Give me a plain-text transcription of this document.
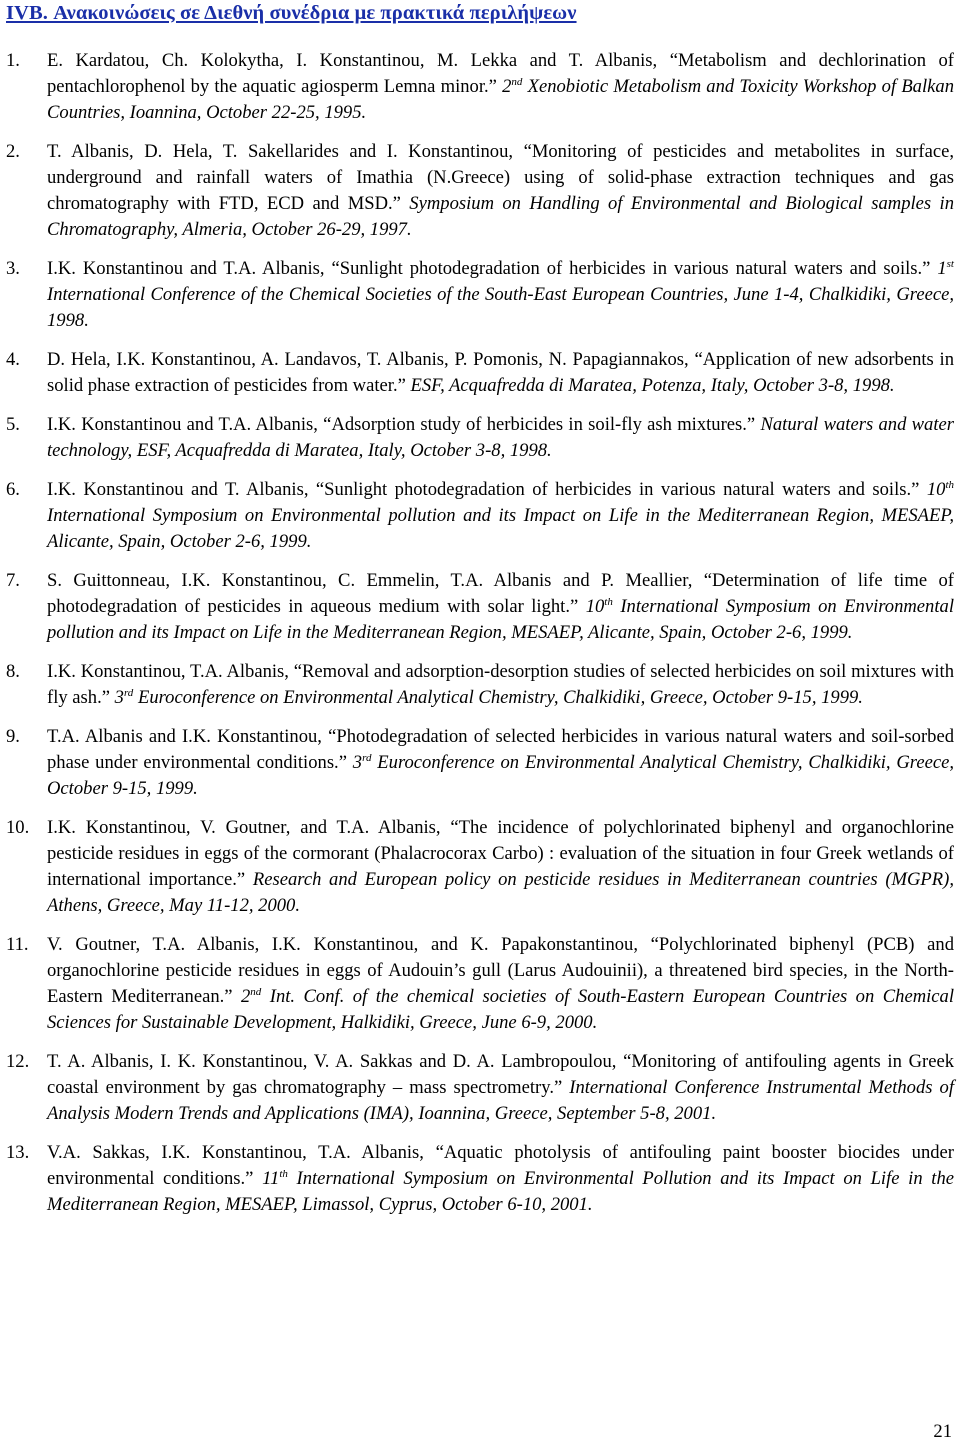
IVB. Ανακοινώσεις σε Διεθνή συνέδρια με πρακτικά περιλήψεων
1. E. Kardatou, Ch. Kolokytha, I. Konstantinou, M. Lekka and T. Albanis, “Metabolism and dechlorination of pentachlorophenol by the aquatic agiosperm Lemna minor.” 2nd Xenobiotic Metabolism and Toxicity Workshop of Balkan Countries, Ioannina, October 22-25, 1995.
2. T. Albanis, D. Hela, T. Sakellarides and I. Konstantinou, “Monitoring of pesticides and metabolites in surface, underground and rainfall waters of Imathia (N.Greece) using of solid-phase extraction techniques and gas chromatography with FTD, ECD and MSD.” Symposium on Handling of Environmental and Biological samples in Chromatography, Almeria, October 26-29, 1997.
3. I.K. Konstantinou and T.A. Albanis, “Sunlight photodegradation of herbicides in various natural waters and soils.” 1st International Conference of the Chemical Societies of the South-East European Countries, June 1-4, Chalkidiki, Greece, 1998.
4. D. Hela, I.K. Konstantinou, A. Landavos, T. Albanis, P. Pomonis, N. Papagiannakos, “Application of new adsorbents in solid phase extraction of pesticides from water.” ESF, Acquafredda di Maratea, Potenza, Italy, October 3-8, 1998.
5. I.K. Konstantinou and T.A. Albanis, “Adsorption study of herbicides in soil-fly ash mixtures.” Natural waters and water technology, ESF, Acquafredda di Maratea, Italy, October 3-8, 1998.
6. I.K. Konstantinou and T. Albanis, “Sunlight photodegradation of herbicides in various natural waters and soils.” 10th International Symposium on Environmental pollution and its Impact on Life in the Mediterranean Region, MESAEP, Alicante, Spain, October 2-6, 1999.
7. S. Guittonneau, I.K. Konstantinou, C. Emmelin, T.A. Albanis and P. Meallier, “Determination of life time of photodegradation of pesticides in aqueous medium with solar light.” 10th International Symposium on Environmental pollution and its Impact on Life in the Mediterranean Region, MESAEP, Alicante, Spain, October 2-6, 1999.
8. I.K. Konstantinou, T.A. Albanis, “Removal and adsorption-desorption studies of selected herbicides on soil mixtures with fly ash.” 3rd Euroconference on Environmental Analytical Chemistry, Chalkidiki, Greece, October 9-15, 1999.
9. T.A. Albanis and I.K. Konstantinou, “Photodegradation of selected herbicides in various natural waters and soil-sorbed phase under environmental conditions.” 3rd Euroconference on Environmental Analytical Chemistry, Chalkidiki, Greece, October 9-15, 1999.
10. I.K. Konstantinou, V. Goutner, and T.A. Albanis, “The incidence of polychlorinated biphenyl and organochlorine pesticide residues in eggs of the cormorant (Phalacrocorax Carbo) : evaluation of the situation in four Greek wetlands of international importance.” Research and European policy on pesticide residues in Mediterranean countries (MGPR), Athens, Greece, May 11-12, 2000.
11. V. Goutner, T.A. Albanis, I.K. Konstantinou, and K. Papakonstantinou, “Polychlorinated biphenyl (PCB) and organochlorine pesticide residues in eggs of Audouin’s gull (Larus Audouinii), a threatened bird species, in the North-Eastern Mediterranean.” 2nd Int. Conf. of the chemical societies of South-Eastern European Countries on Chemical Sciences for Sustainable Development, Halkidiki, Greece, June 6-9, 2000.
12. T. A. Albanis, I. K. Konstantinou, V. A. Sakkas and D. A. Lambropoulou, “Monitoring of antifouling agents in Greek coastal environment by gas chromatography – mass spectrometry.” International Conference Instrumental Methods of Analysis Modern Trends and Applications (IMA), Ioannina, Greece, September 5-8, 2001.
13. V.A. Sakkas, I.K. Konstantinou, T.A. Albanis, “Aquatic photolysis of antifouling paint booster biocides under environmental conditions.” 11th International Symposium on Environmental Pollution and its Impact on Life in the Mediterranean Region, MESAEP, Limassol, Cyprus, October 6-10, 2001.
21
